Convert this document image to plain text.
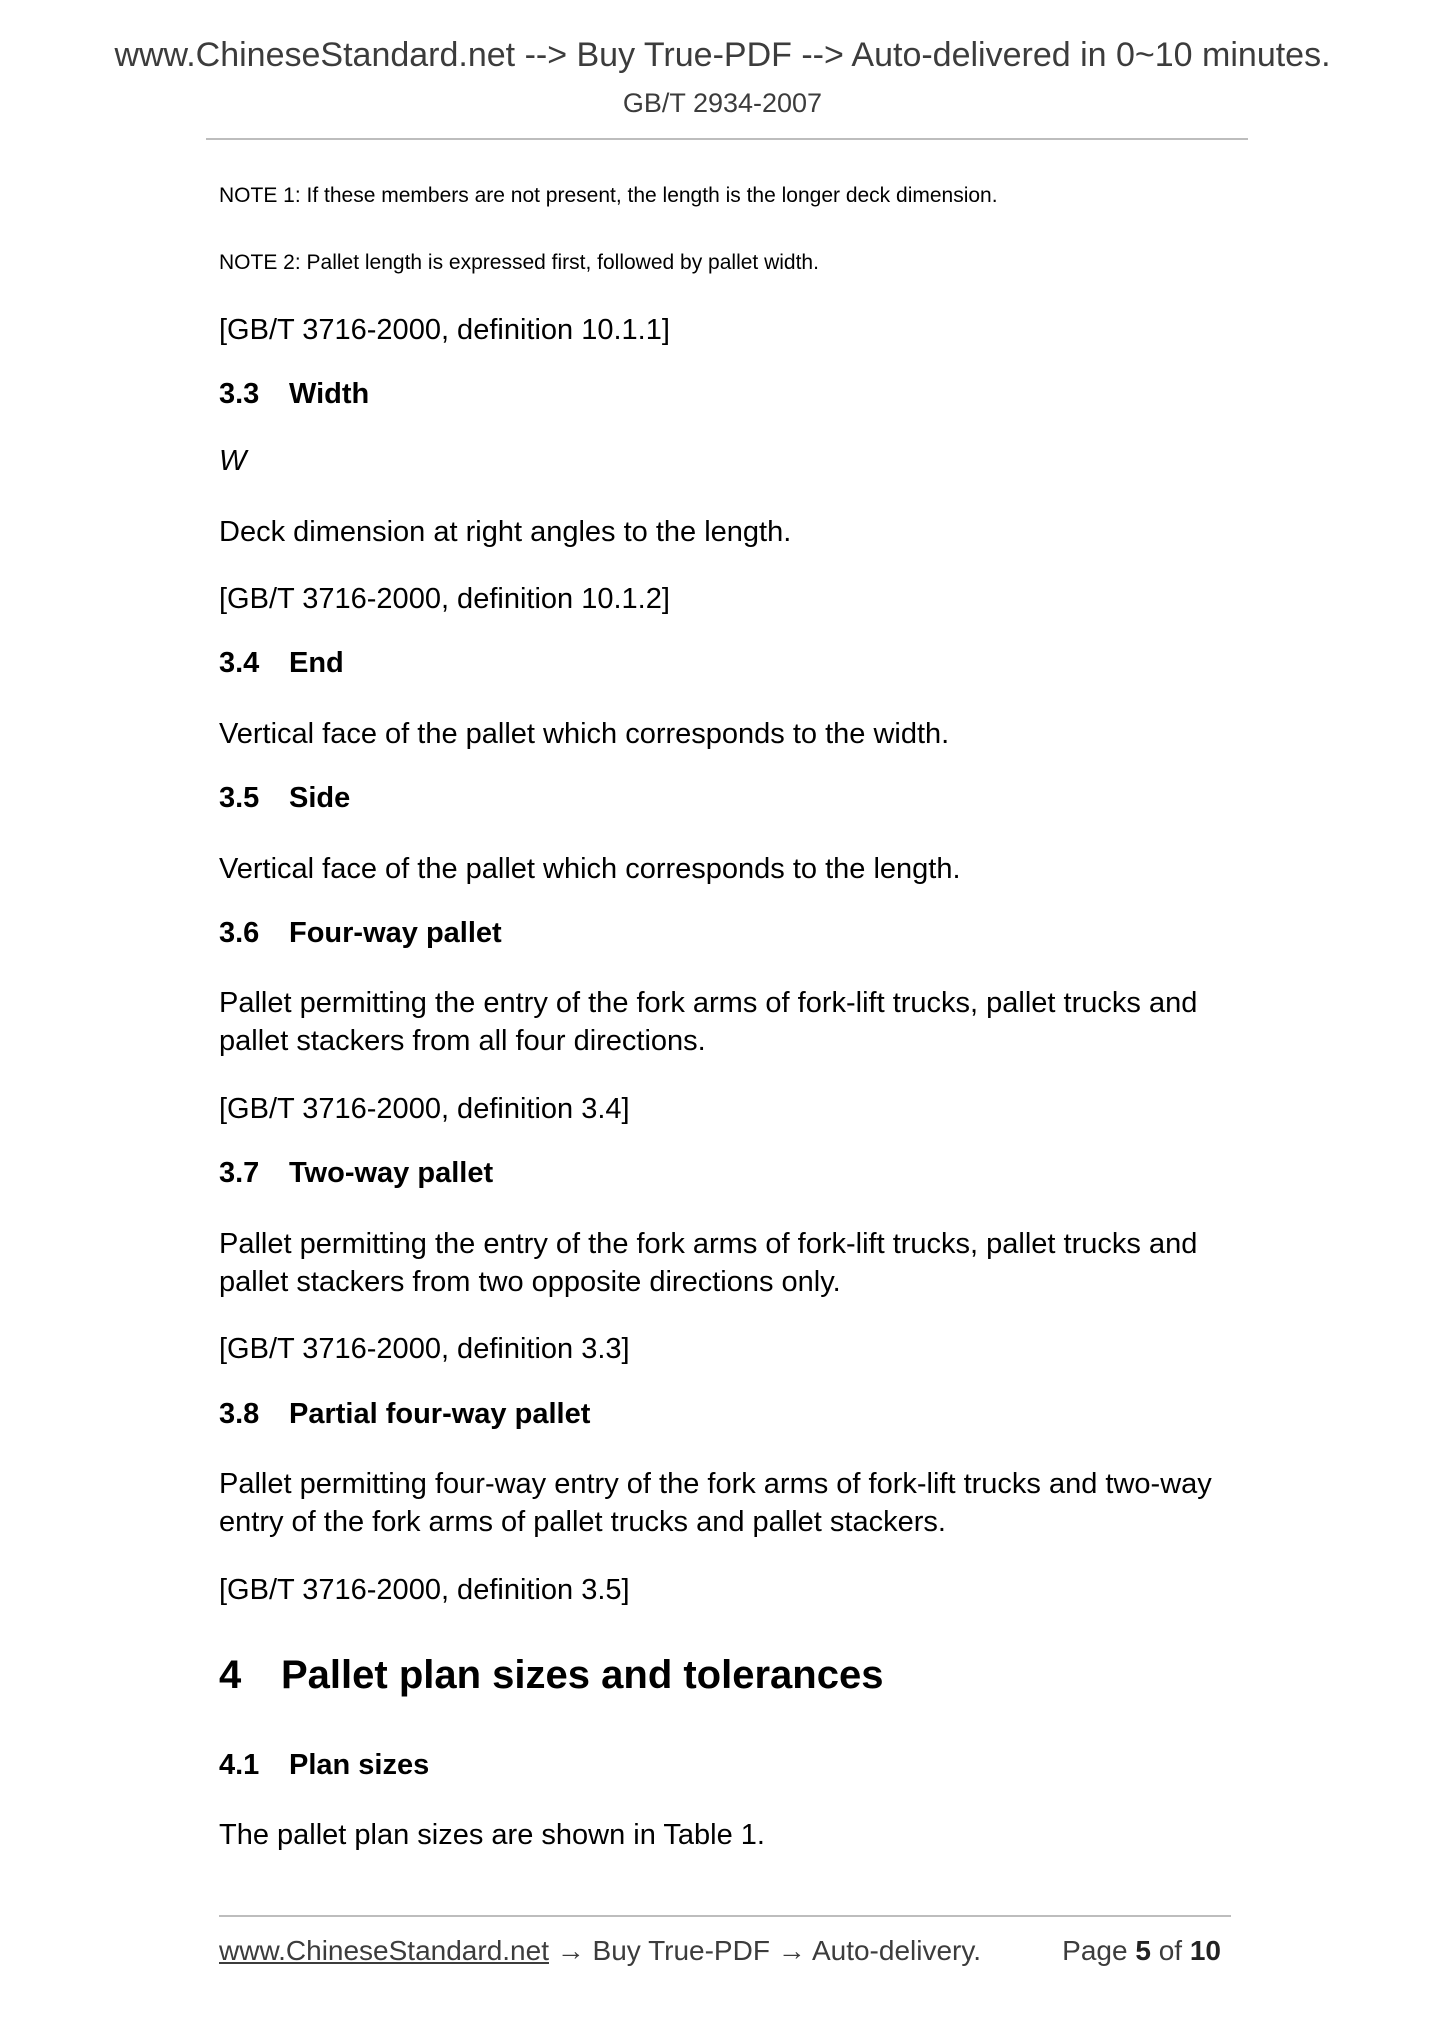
www.ChineseStandard.net --> Buy True-PDF --> Auto-delivered in 0~10 minutes.
GB/T 2934-2007
NOTE 1: If these members are not present, the length is the longer deck dimension.
NOTE 2: Pallet length is expressed first, followed by pallet width.
[GB/T 3716-2000, definition 10.1.1]
3.3 Width
W
Deck dimension at right angles to the length.
[GB/T 3716-2000, definition 10.1.2]
3.4 End
Vertical face of the pallet which corresponds to the width.
3.5 Side
Vertical face of the pallet which corresponds to the length.
3.6 Four-way pallet
Pallet permitting the entry of the fork arms of fork-lift trucks, pallet trucks and
pallet stackers from all four directions.
[GB/T 3716-2000, definition 3.4]
3.7 Two-way pallet
Pallet permitting the entry of the fork arms of fork-lift trucks, pallet trucks and
pallet stackers from two opposite directions only.
[GB/T 3716-2000, definition 3.3]
3.8 Partial four-way pallet
Pallet permitting four-way entry of the fork arms of fork-lift trucks and two-way
entry of the fork arms of pallet trucks and pallet stackers.
[GB/T 3716-2000, definition 3.5]
4 Pallet plan sizes and tolerances
4.1 Plan sizes
The pallet plan sizes are shown in Table 1.
www.ChineseStandard.net → Buy True-PDF → Auto-delivery.	Page 5 of 10
